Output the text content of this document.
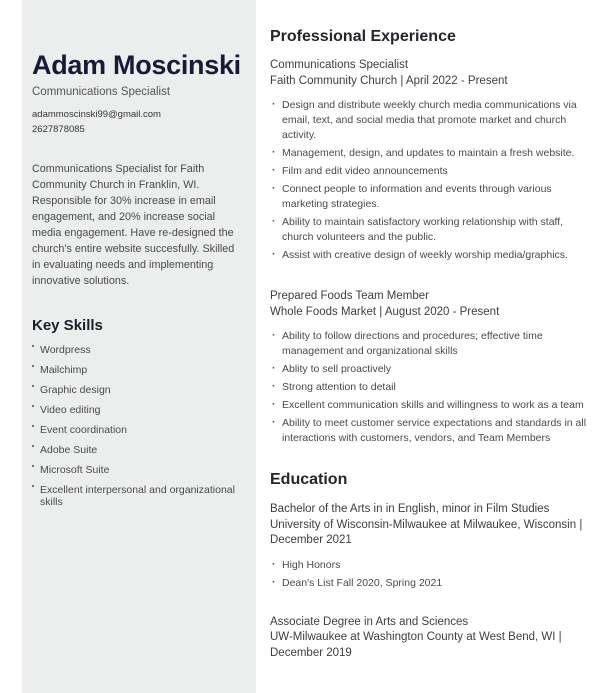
Adam Moscinski
Communications Specialist
adammoscinski99@gmail.com
2627878085

Communications Specialist for Faith Community Church in Franklin, WI. Responsible for 30% increase in email engagement, and 20% increase social media engagement. Have re-designed the church's entire website succesfully. Skilled in evaluating needs and implementing innovative solutions.

Key Skills
Wordpress
Mailchimp
Graphic design
Video editing
Event coordination
Adobe Suite
Microsoft Suite
Excellent interpersonal and organizational skills
Professional Experience
Communications Specialist
Faith Community Church | April 2022 - Present
· Design and distribute weekly church media communications via email, text, and social media that promote market and church activity.
· Management, design, and updates to maintain a fresh website.
· Film and edit video announcements
· Connect people to information and events through various marketing strategies.
· Ability to maintain satisfactory working relationship with staff, church volunteers and the public.
· Assist with creative design of weekly worship media/graphics.
Prepared Foods Team Member
Whole Foods Market | August 2020 - Present
· Ability to follow directions and procedures; effective time management and organizational skills
· Ablity to sell proactively
· Strong attention to detail
· Excellent communication skills and willingness to work as a team
· Ability to meet customer service expectations and standards in all interactions with customers, vendors, and Team Members
Education
Bachelor of the Arts in in English, minor in Film Studies
University of Wisconsin-Milwaukee at Milwaukee, Wisconsin | December 2021
· High Honors
· Dean's List Fall 2020, Spring 2021
Associate Degree in Arts and Sciences
UW-Milwaukee at Washington County at West Bend, WI | December 2019
